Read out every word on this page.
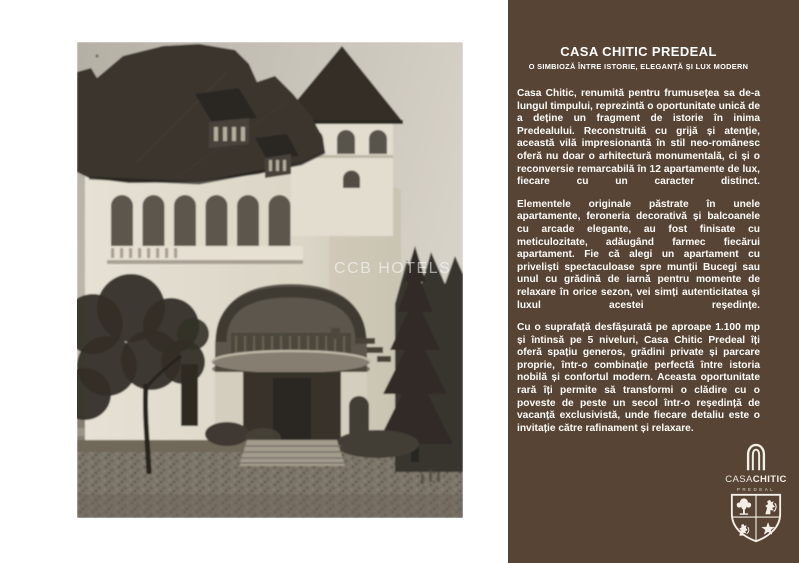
CCB HOTELS
CASA CHITIC PREDEAL
O SIMBIOZĂ ÎNTRE ISTORIE, ELEGANȚĂ ȘI LUX MODERN

Casa Chitic, renumită pentru frumusețea sa de-a lungul timpului, reprezintă o oportunitate unică de a deține un fragment de istorie în inima Predealului. Reconstruită cu grijă și atenție, această vilă impresionantă în stil neo-românesc oferă nu doar o arhitectură monumentală, ci și o reconversie remarcabilă în 12 apartamente de lux, fiecare cu un caracter distinct.

Elementele originale păstrate în unele apartamente, feroneria decorativă și balcoanele cu arcade elegante, au fost finisate cu meticulozitate, adăugând farmec fiecărui apartament. Fie că alegi un apartament cu priveliști spectaculoase spre munții Bucegi sau unul cu grădină de iarnă pentru momente de relaxare în orice sezon, vei simți autenticitatea și luxul acestei reședințe.

Cu o suprafață desfășurată pe aproape 1.100 mp și întinsă pe 5 niveluri, Casa Chitic Predeal îți oferă spațiu generos, grădini private și parcare proprie, într-o combinație perfectă între istoria nobilă și confortul modern. Aceasta oportunitate rară îți permite să transformi o clădire cu o poveste de peste un secol într-o reședință de vacanță exclusivistă, unde fiecare detaliu este o invitație către rafinament și relaxare.

CASACHITIC
PREDEAL
